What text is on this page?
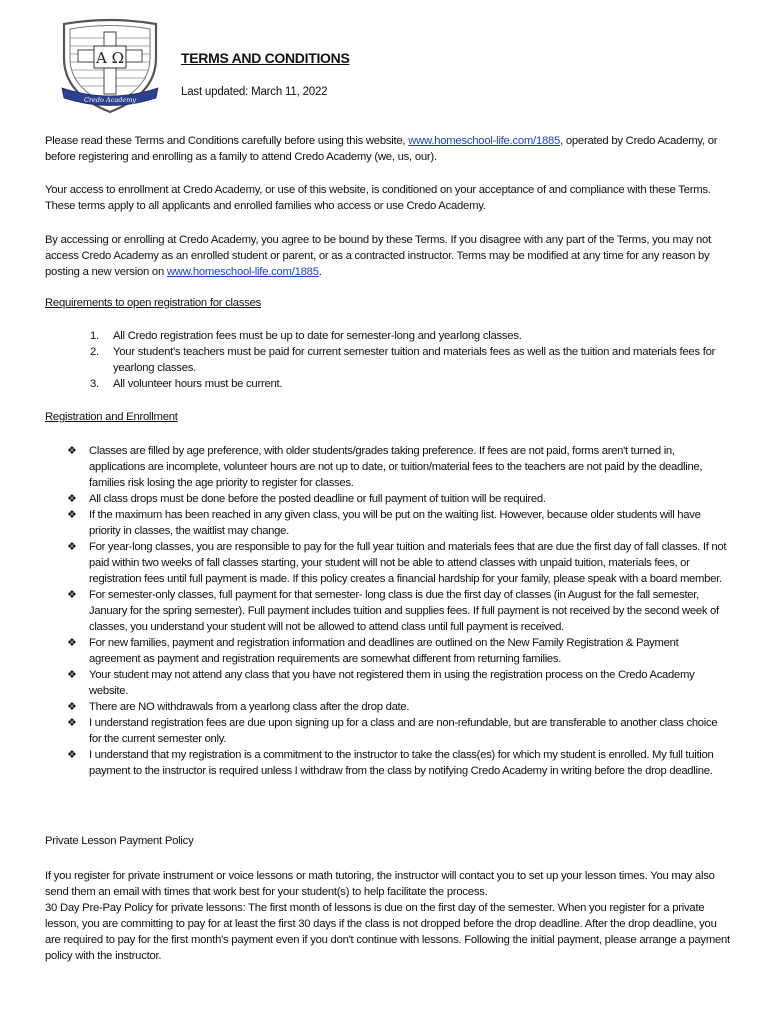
A Ω
Credo Academy
TERMS AND CONDITIONS
Last updated: March 11, 2022
Please read these Terms and Conditions carefully before using this website, www.homeschool-life.com/1885, operated by Credo Academy, or before registering and enrolling as a family to attend Credo Academy (we, us, our).
Your access to enrollment at Credo Academy, or use of this website, is conditioned on your acceptance of and compliance with these Terms. These terms apply to all applicants and enrolled families who access or use Credo Academy.
By accessing or enrolling at Credo Academy, you agree to be bound by these Terms. If you disagree with any part of the Terms, you may not access Credo Academy as an enrolled student or parent, or as a contracted instructor. Terms may be modified at any time for any reason by posting a new version on www.homeschool-life.com/1885.
Requirements to open registration for classes
1. All Credo registration fees must be up to date for semester-long and yearlong classes.
2. Your student's teachers must be paid for current semester tuition and materials fees as well as the tuition and materials fees for yearlong classes.
3. All volunteer hours must be current.
Registration and Enrollment
❖ Classes are filled by age preference, with older students/grades taking preference. If fees are not paid, forms aren't turned in, applications are incomplete, volunteer hours are not up to date, or tuition/material fees to the teachers are not paid by the deadline, families risk losing the age priority to register for classes.
❖ All class drops must be done before the posted deadline or full payment of tuition will be required.
❖ If the maximum has been reached in any given class, you will be put on the waiting list. However, because older students will have priority in classes, the waitlist may change.
❖ For year-long classes, you are responsible to pay for the full year tuition and materials fees that are due the first day of fall classes. If not paid within two weeks of fall classes starting, your student will not be able to attend classes with unpaid tuition, materials fees, or registration fees until full payment is made. If this policy creates a financial hardship for your family, please speak with a board member.
❖ For semester-only classes, full payment for that semester- long class is due the first day of classes (in August for the fall semester, January for the spring semester). Full payment includes tuition and supplies fees. If full payment is not received by the second week of classes, you understand your student will not be allowed to attend class until full payment is received.
❖ For new families, payment and registration information and deadlines are outlined on the New Family Registration & Payment agreement as payment and registration requirements are somewhat different from returning families.
❖ Your student may not attend any class that you have not registered them in using the registration process on the Credo Academy website.
❖ There are NO withdrawals from a yearlong class after the drop date.
❖ I understand registration fees are due upon signing up for a class and are non-refundable, but are transferable to another class choice for the current semester only.
❖ I understand that my registration is a commitment to the instructor to take the class(es) for which my student is enrolled. My full tuition payment to the instructor is required unless I withdraw from the class by notifying Credo Academy in writing before the drop deadline.
Private Lesson Payment Policy
If you register for private instrument or voice lessons or math tutoring, the instructor will contact you to set up your lesson times. You may also send them an email with times that work best for your student(s) to help facilitate the process.
30 Day Pre-Pay Policy for private lessons: The first month of lessons is due on the first day of the semester. When you register for a private lesson, you are committing to pay for at least the first 30 days if the class is not dropped before the drop deadline. After the drop deadline, you are required to pay for the first month's payment even if you don't continue with lessons. Following the initial payment, please arrange a payment policy with the instructor.
